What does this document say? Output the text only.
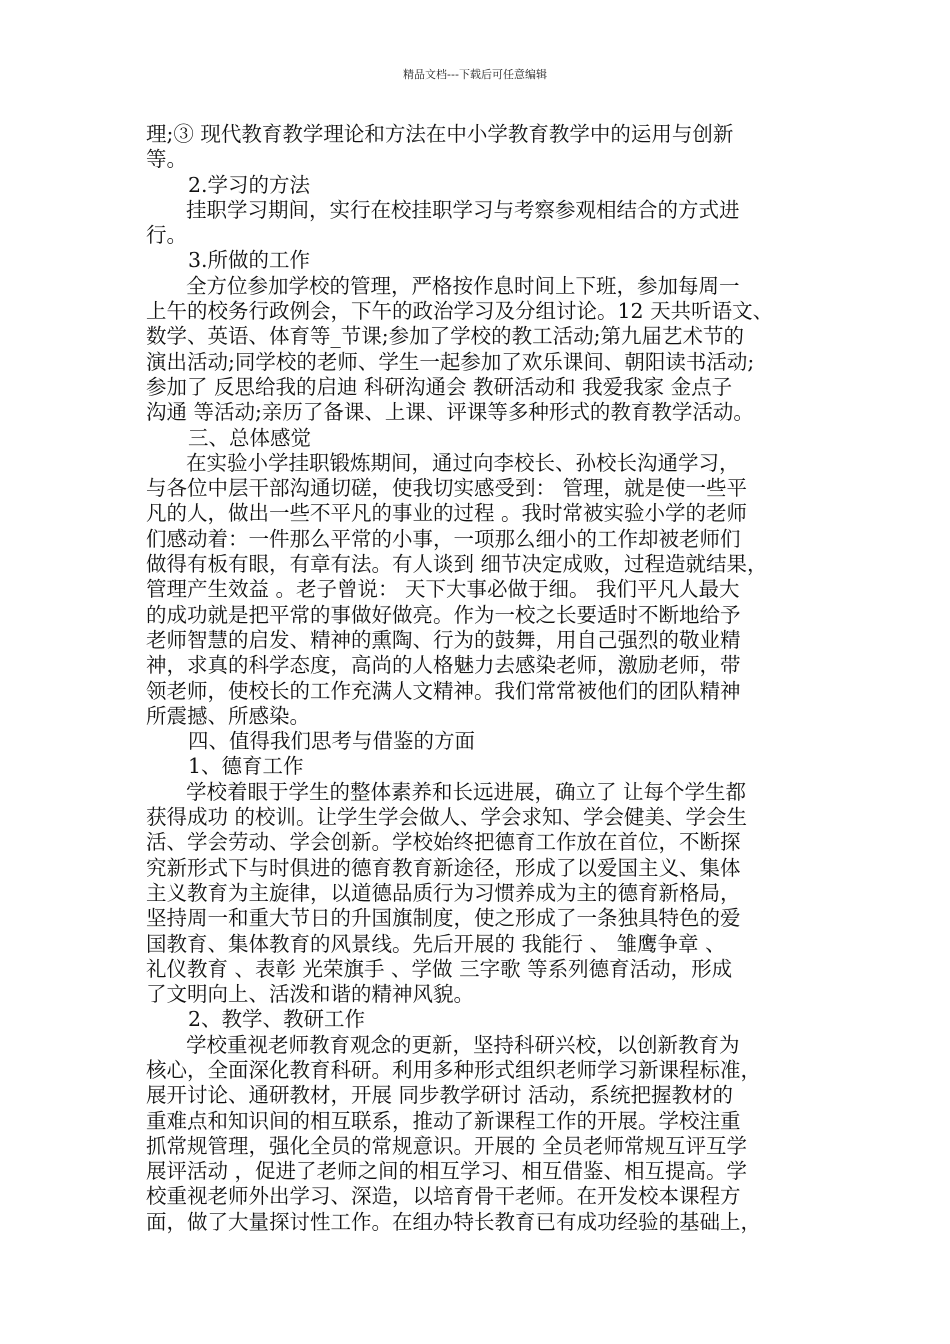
精品文档---下载后可任意编辑
理;③ 现代教育教学理论和方法在中小学教育教学中的运用与创新
等。
2.学习的方法
挂职学习期间，实行在校挂职学习与考察参观相结合的方式进
行。
3.所做的工作
全方位参加学校的管理，严格按作息时间上下班，参加每周一
上午的校务行政例会，下午的政治学习及分组讨论。12 天共听语文、
数学、英语、体育等_节课;参加了学校的教工活动;第九届艺术节的
演出活动;同学校的老师、学生一起参加了欢乐课间、朝阳读书活动;
参加了 反思给我的启迪 科研沟通会 教研活动和 我爱我家 金点子
沟通 等活动;亲历了备课、上课、评课等多种形式的教育教学活动。
三、总体感觉
在实验小学挂职锻炼期间，通过向李校长、孙校长沟通学习，
与各位中层干部沟通切磋，使我切实感受到： 管理，就是使一些平
凡的人，做出一些不平凡的事业的过程 。我时常被实验小学的老师
们感动着：一件那么平常的小事，一项那么细小的工作却被老师们
做得有板有眼，有章有法。有人谈到 细节决定成败，过程造就结果，
管理产生效益 。老子曾说： 天下大事必做于细。 我们平凡人最大
的成功就是把平常的事做好做亮。作为一校之长要适时不断地给予
老师智慧的启发、精神的熏陶、行为的鼓舞，用自己强烈的敬业精
神，求真的科学态度，高尚的人格魅力去感染老师，激励老师，带
领老师，使校长的工作充满人文精神。我们常常被他们的团队精神
所震撼、所感染。
四、值得我们思考与借鉴的方面
1、德育工作
学校着眼于学生的整体素养和长远进展，确立了 让每个学生都
获得成功 的校训。让学生学会做人、学会求知、学会健美、学会生
活、学会劳动、学会创新。学校始终把德育工作放在首位，不断探
究新形式下与时俱进的德育教育新途径，形成了以爱国主义、集体
主义教育为主旋律，以道德品质行为习惯养成为主的德育新格局，
坚持周一和重大节日的升国旗制度，使之形成了一条独具特色的爱
国教育、集体教育的风景线。先后开展的 我能行 、 雏鹰争章 、
礼仪教育 、表彰 光荣旗手 、学做 三字歌 等系列德育活动，形成
了文明向上、活泼和谐的精神风貌。
2、教学、教研工作
学校重视老师教育观念的更新，坚持科研兴校，以创新教育为
核心，全面深化教育科研。利用多种形式组织老师学习新课程标准，
展开讨论、通研教材，开展 同步教学研讨 活动，系统把握教材的
重难点和知识间的相互联系，推动了新课程工作的开展。学校注重
抓常规管理，强化全员的常规意识。开展的 全员老师常规互评互学
展评活动 ，促进了老师之间的相互学习、相互借鉴、相互提高。学
校重视老师外出学习、深造，以培育骨干老师。在开发校本课程方
面，做了大量探讨性工作。在组办特长教育已有成功经验的基础上，
